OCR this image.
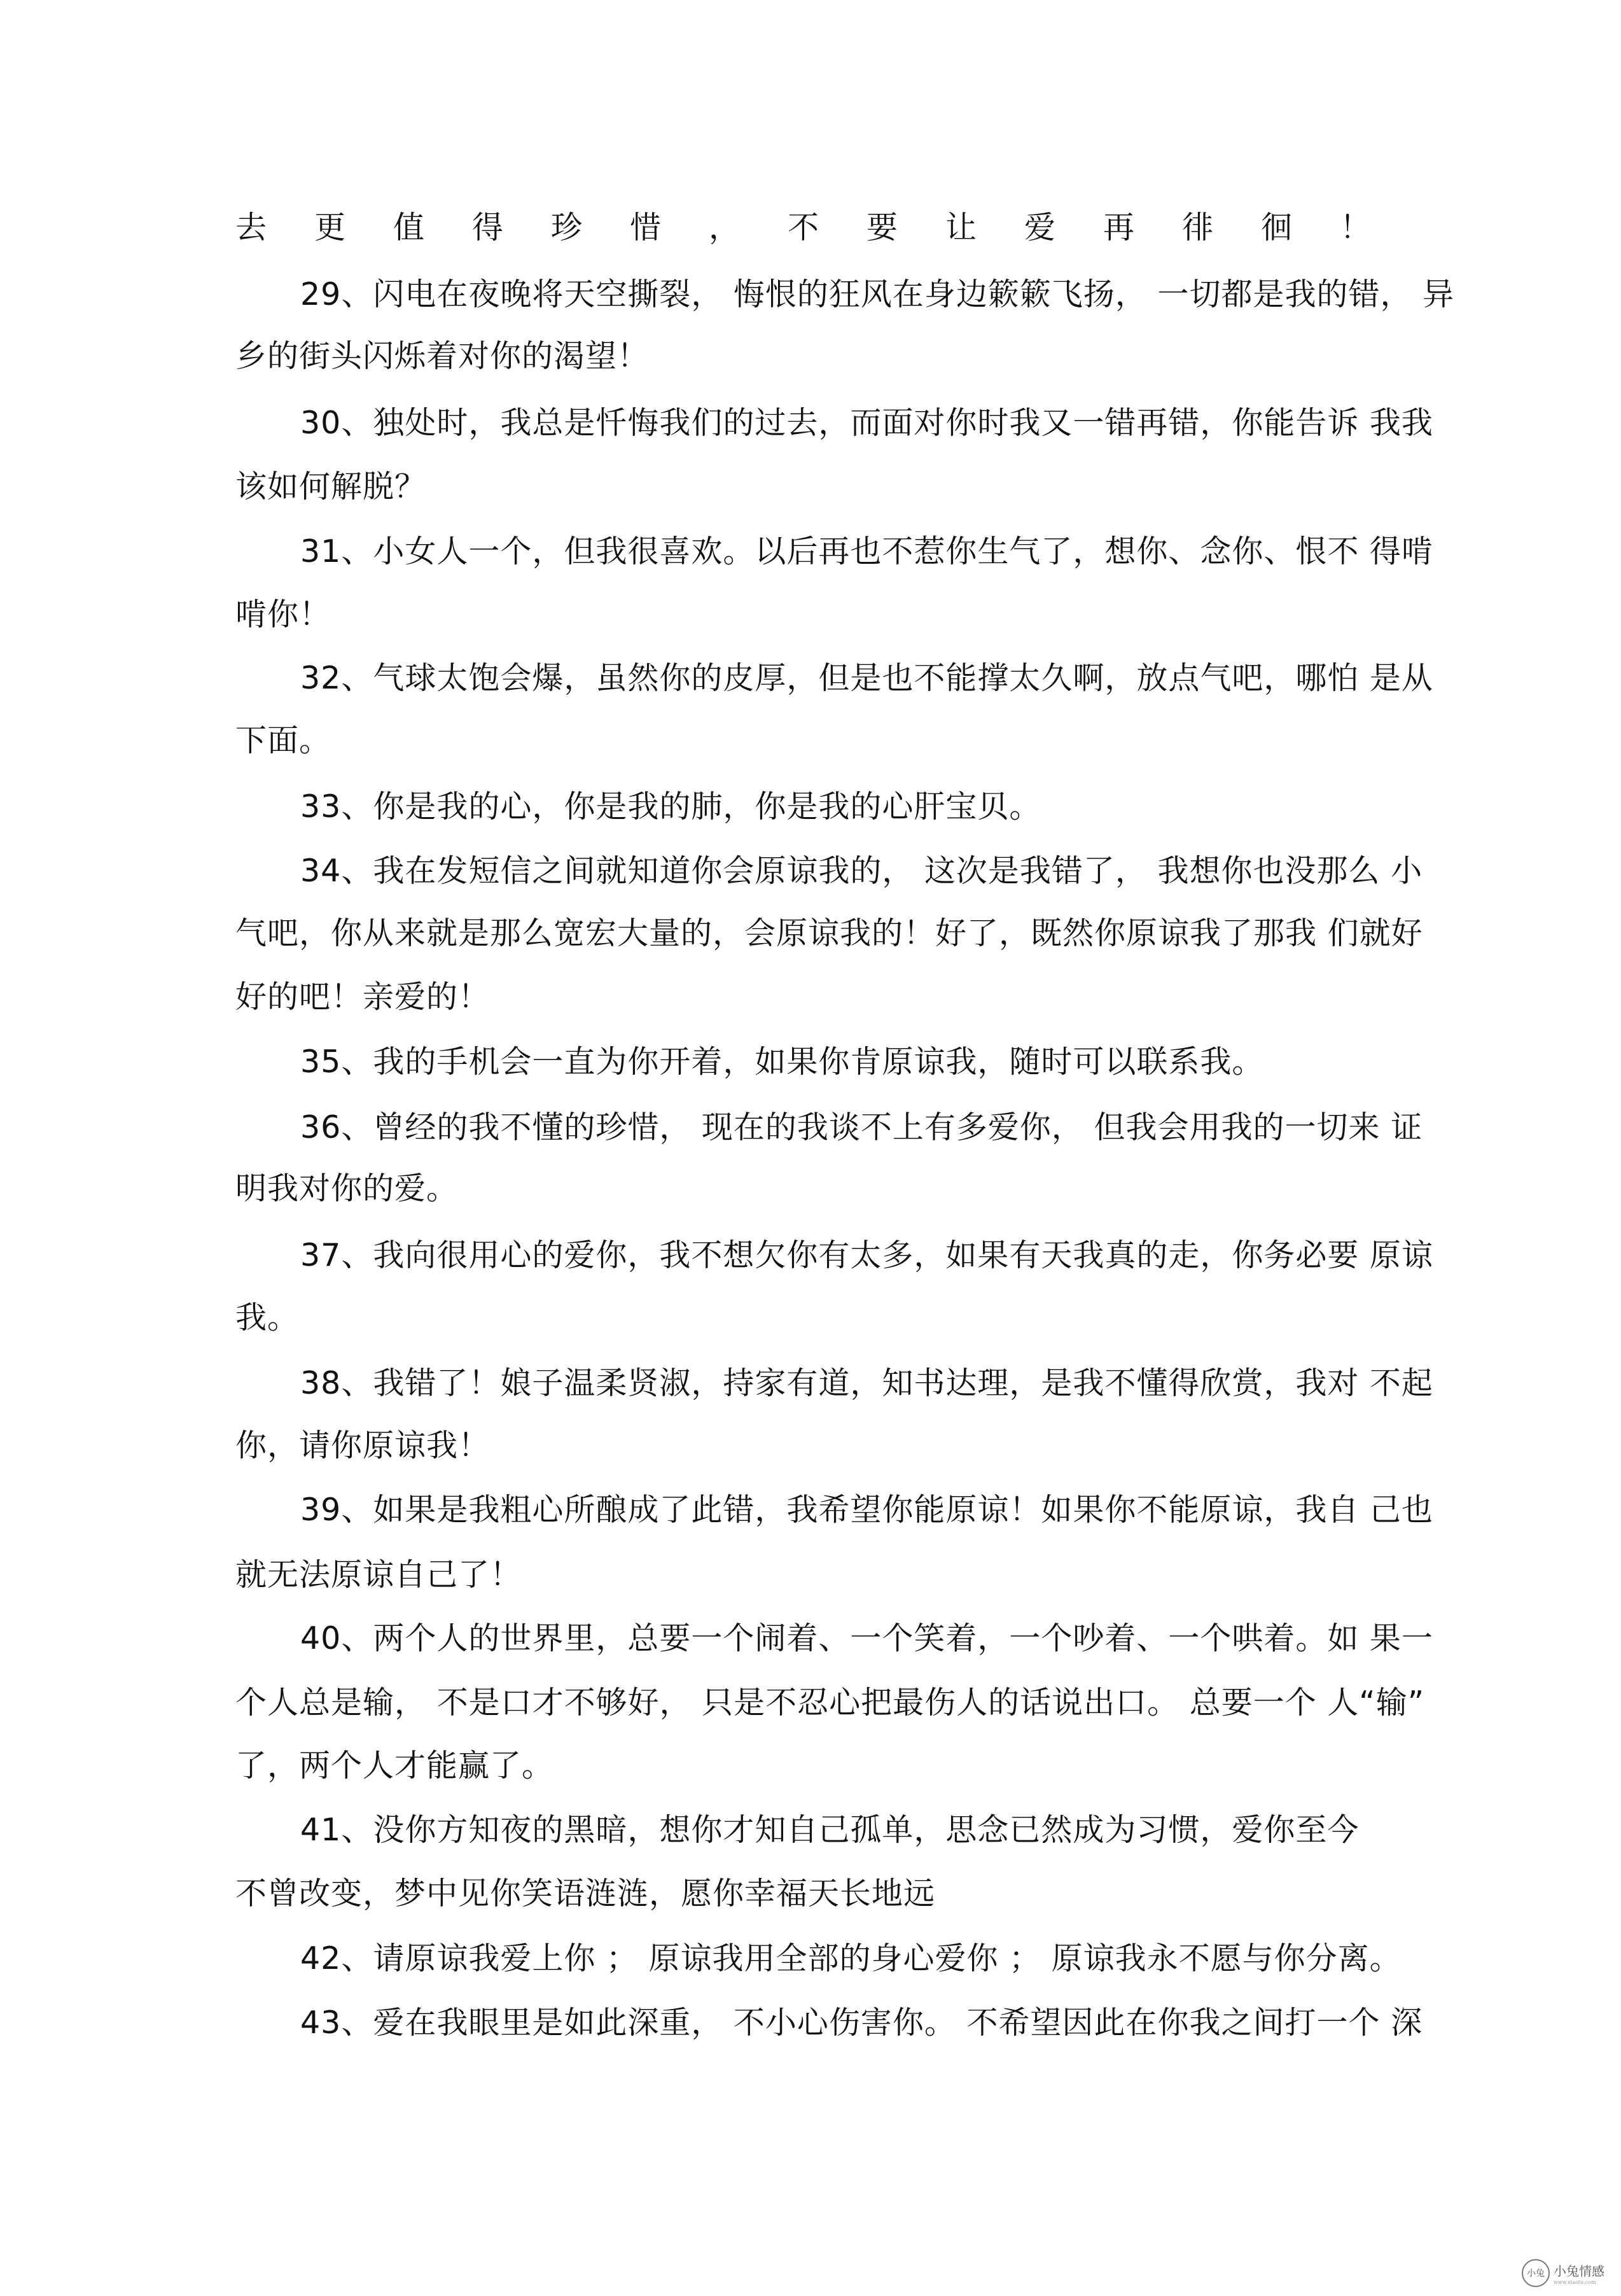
去更值得珍惜，不要让爱再徘徊！
29、闪电在夜晚将天空撕裂， 悔恨的狂风在身边簌簌飞扬， 一切都是我的错， 异
乡的街头闪烁着对你的渴望！
30、独处时，我总是忏悔我们的过去，而面对你时我又一错再错，你能告诉 我我
该如何解脱？
31、小女人一个，但我很喜欢。以后再也不惹你生气了，想你、念你、恨不 得啃
啃你！
32、气球太饱会爆，虽然你的皮厚，但是也不能撑太久啊，放点气吧，哪怕 是从
下面。
33、你是我的心，你是我的肺，你是我的心肝宝贝。
34、我在发短信之间就知道你会原谅我的， 这次是我错了， 我想你也没那么 小
气吧，你从来就是那么宽宏大量的，会原谅我的！好了，既然你原谅我了那我 们就好
好的吧！亲爱的！
35、我的手机会一直为你开着，如果你肯原谅我，随时可以联系我。
36、曾经的我不懂的珍惜， 现在的我谈不上有多爱你， 但我会用我的一切来 证
明我对你的爱。
37、我向很用心的爱你，我不想欠你有太多，如果有天我真的走，你务必要 原谅
我。
38、我错了！娘子温柔贤淑，持家有道，知书达理，是我不懂得欣赏，我对 不起
你，请你原谅我！
39、如果是我粗心所酿成了此错，我希望你能原谅！如果你不能原谅，我自 己也
就无法原谅自己了！
40、两个人的世界里，总要一个闹着、一个笑着，一个吵着、一个哄着。如 果一
个人总是输， 不是口才不够好， 只是不忍心把最伤人的话说出口。 总要一个 人“输”
了，两个人才能赢了。
41、没你方知夜的黑暗，想你才知自己孤单，思念已然成为习惯，爱你至今
不曾改变，梦中见你笑语涟涟，愿你幸福天长地远
42、请原谅我爱上你 ； 原谅我用全部的身心爱你 ； 原谅我永不愿与你分离。
43、爱在我眼里是如此深重， 不小心伤害你。 不希望因此在你我之间打一个 深
小兔 小兔情感
www.xiaotu.com
